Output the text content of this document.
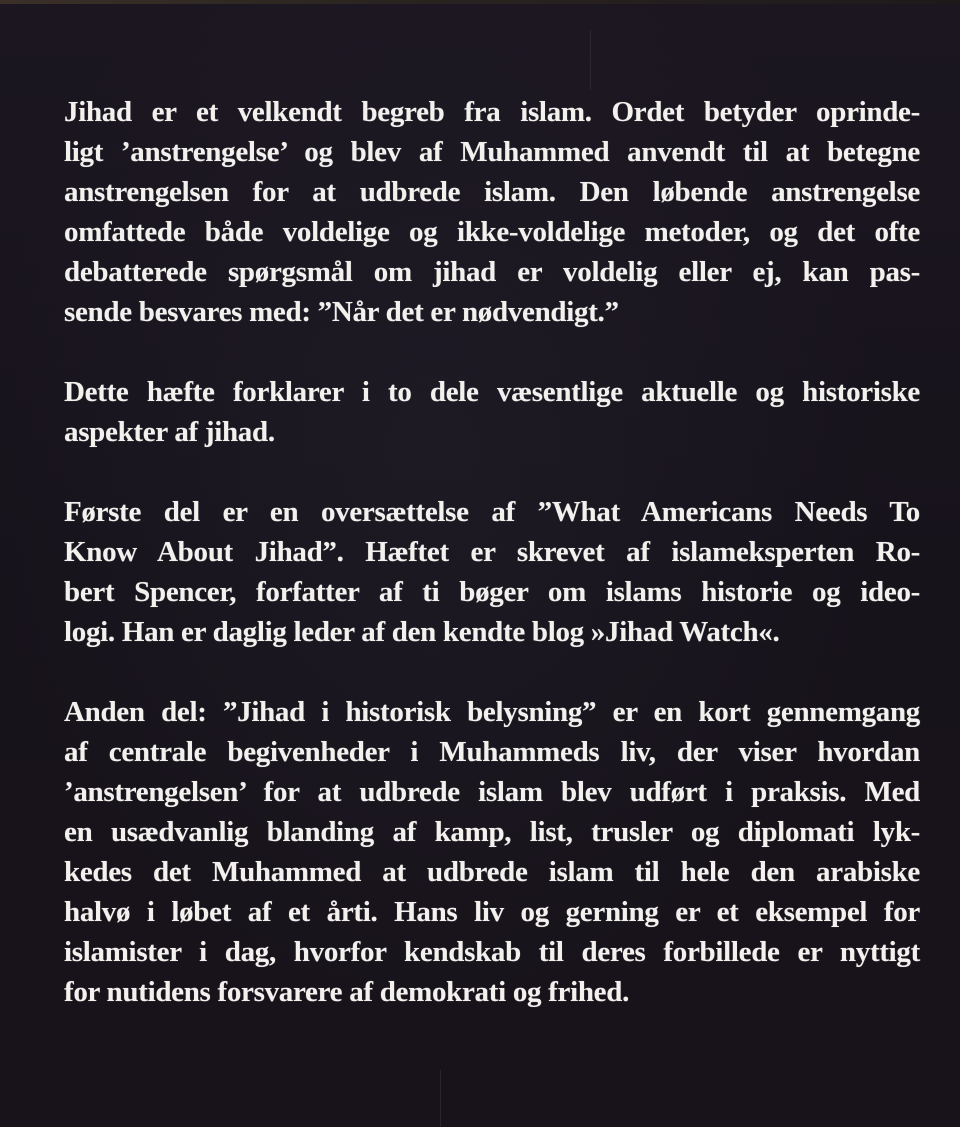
Jihad er et velkendt begreb fra islam. Ordet betyder oprinde-
ligt ’anstrengelse’ og blev af Muhammed anvendt til at betegne
anstrengelsen for at udbrede islam. Den løbende anstrengelse
omfattede både voldelige og ikke-voldelige metoder, og det ofte
debatterede spørgsmål om jihad er voldelig eller ej, kan pas-
sende besvares med: ”Når det er nødvendigt.”
Dette hæfte forklarer i to dele væsentlige aktuelle og historiske
aspekter af jihad.
Første del er en oversættelse af ”What Americans Needs To
Know About Jihad”. Hæftet er skrevet af islameksperten Ro-
bert Spencer, forfatter af ti bøger om islams historie og ideo-
logi. Han er daglig leder af den kendte blog »Jihad Watch«.
Anden del: ”Jihad i historisk belysning” er en kort gennemgang
af centrale begivenheder i Muhammeds liv, der viser hvordan
’anstrengelsen’ for at udbrede islam blev udført i praksis. Med
en usædvanlig blanding af kamp, list, trusler og diplomati lyk-
kedes det Muhammed at udbrede islam til hele den arabiske
halvø i løbet af et årti. Hans liv og gerning er et eksempel for
islamister i dag, hvorfor kendskab til deres forbillede er nyttigt
for nutidens forsvarere af demokrati og frihed.
